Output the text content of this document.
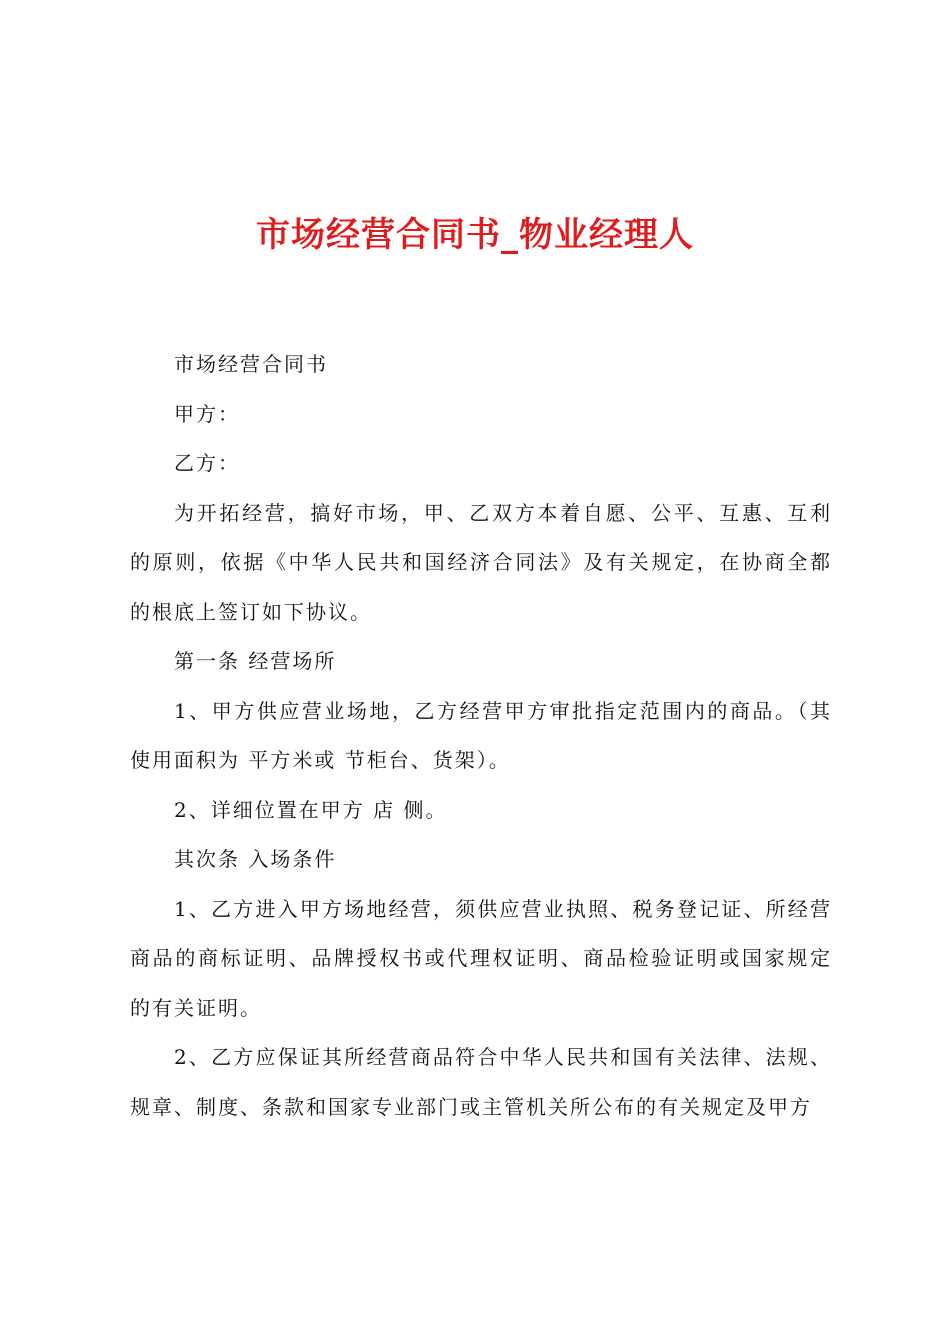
市场经营合同书_物业经理人

市场经营合同书

甲方：

乙方：

为开拓经营，搞好市场，甲、乙双方本着自愿、公平、互惠、互利的原则，依据《中华人民共和国经济合同法》及有关规定，在协商全都的根底上签订如下协议。

第一条 经营场所

1、甲方供应营业场地，乙方经营甲方审批指定范围内的商品。（其使用面积为 平方米或 节柜台、货架）。

2、详细位置在甲方 店 侧。

其次条 入场条件

1、乙方进入甲方场地经营，须供应营业执照、税务登记证、所经营商品的商标证明、品牌授权书或代理权证明、商品检验证明或国家规定的有关证明。

2、乙方应保证其所经营商品符合中华人民共和国有关法律、法规、规章、制度、条款和国家专业部门或主管机关所公布的有关规定及甲方
